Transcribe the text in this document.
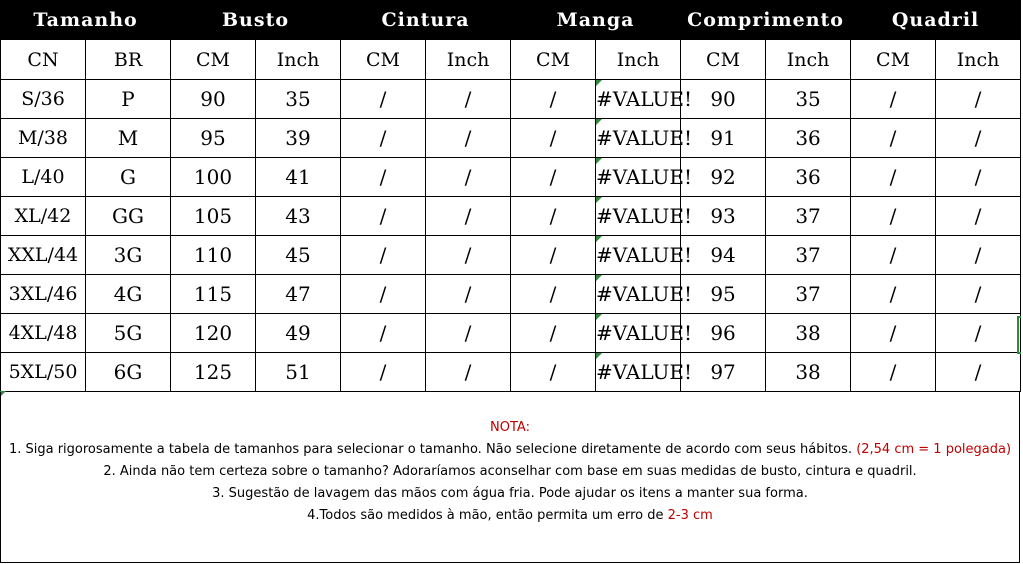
Tamanho		Busto		Cintura		Manga		Comprimento		Quadril	
CN	BR	CM	Inch	CM	Inch	CM	Inch	CM	Inch	CM	Inch
S/36	P	90	35	/	/	/	#VALUE!	90	35	/	/
M/38	M	95	39	/	/	/	#VALUE!	91	36	/	/
L/40	G	100	41	/	/	/	#VALUE!	92	36	/	/
XL/42	GG	105	43	/	/	/	#VALUE!	93	37	/	/
XXL/44	3G	110	45	/	/	/	#VALUE!	94	37	/	/
3XL/46	4G	115	47	/	/	/	#VALUE!	95	37	/	/
4XL/48	5G	120	49	/	/	/	#VALUE!	96	38	/	/
5XL/50	6G	125	51	/	/	/	#VALUE!	97	38	/	/
NOTA:
1. Siga rigorosamente a tabela de tamanhos para selecionar o tamanho. Não selecione diretamente de acordo com seus hábitos. (2,54 cm = 1 polegada)
2. Ainda não tem certeza sobre o tamanho? Adoraríamos aconselhar com base em suas medidas de busto, cintura e quadril.
3. Sugestão de lavagem das mãos com água fria. Pode ajudar os itens a manter sua forma.
4.Todos são medidos à mão, então permita um erro de 2-3 cm
